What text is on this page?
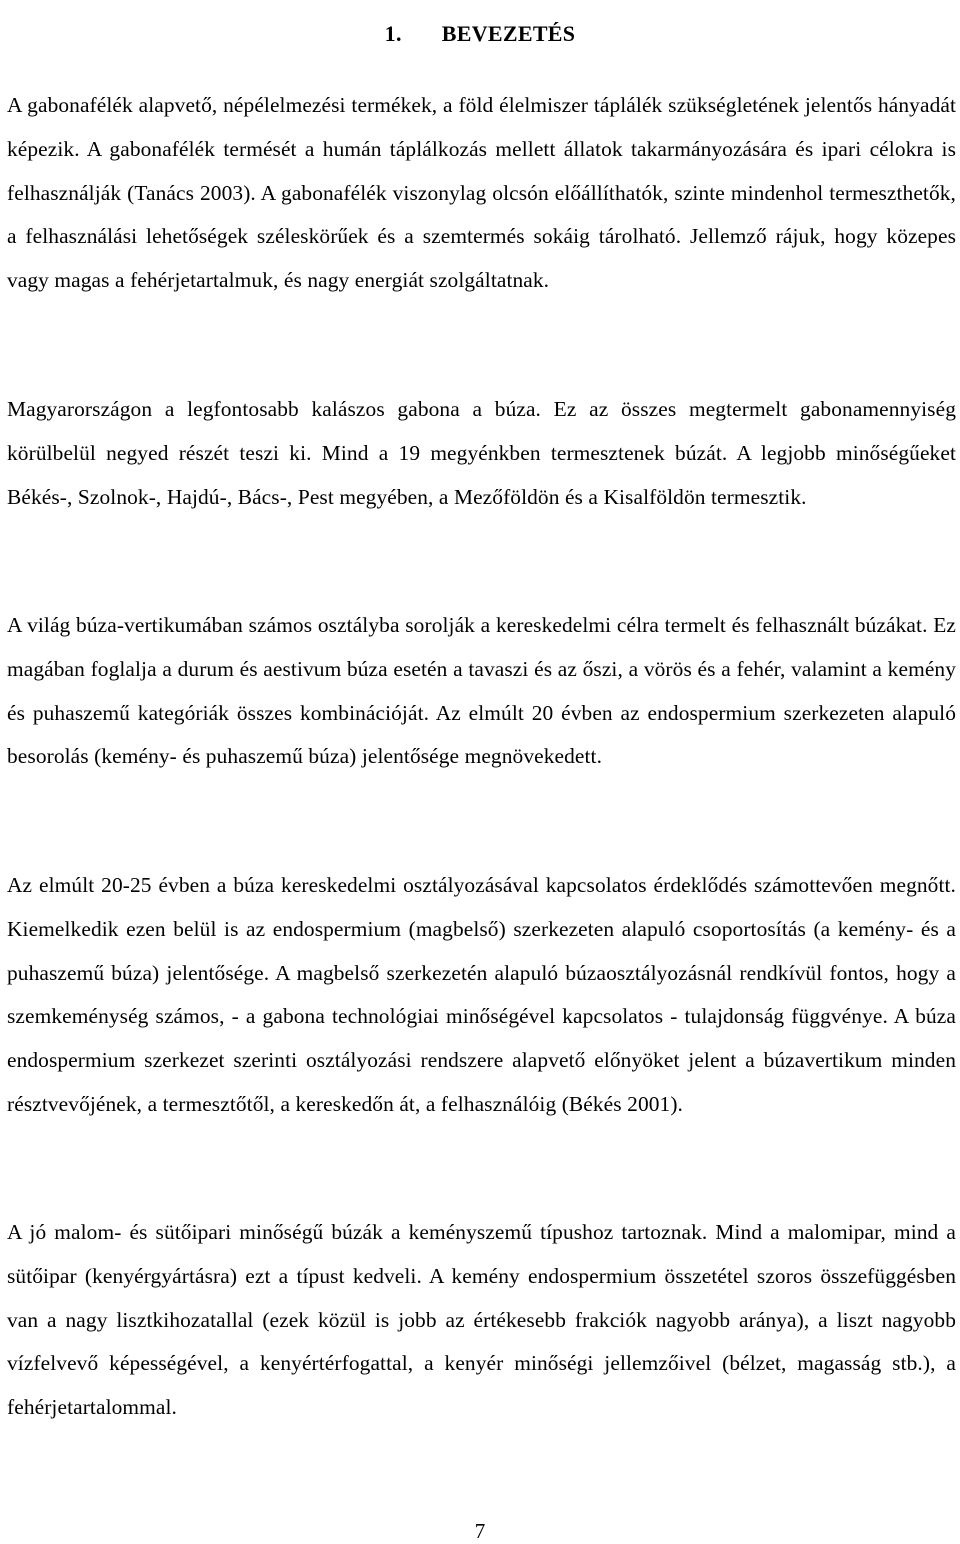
1. BEVEZETÉS

A gabonafélék alapvető, népélelmezési termékek, a föld élelmiszer táplálék szükségletének jelentős hányadát képezik. A gabonafélék termését a humán táplálkozás mellett állatok takarmányozására és ipari célokra is felhasználják (Tanács 2003). A gabonafélék viszonylag olcsón előállíthatók, szinte mindenhol termeszthetők, a felhasználási lehetőségek széleskörűek és a szemtermés sokáig tárolható. Jellemző rájuk, hogy közepes vagy magas a fehérjetartalmuk, és nagy energiát szolgáltatnak.

Magyarországon a legfontosabb kalászos gabona a búza. Ez az összes megtermelt gabonamennyiség körülbelül negyed részét teszi ki. Mind a 19 megyénkben termesztenek búzát. A legjobb minőségűeket Békés-, Szolnok-, Hajdú-, Bács-, Pest megyében, a Mezőföldön és a Kisalföldön termesztik.

A világ búza-vertikumában számos osztályba sorolják a kereskedelmi célra termelt és felhasznált búzákat. Ez magában foglalja a durum és aestivum búza esetén a tavaszi és az őszi, a vörös és a fehér, valamint a kemény és puhaszemű kategóriák összes kombinációját. Az elmúlt 20 évben az endospermium szerkezeten alapuló besorolás (kemény- és puhaszemű búza) jelentősége megnövekedett.

Az elmúlt 20-25 évben a búza kereskedelmi osztályozásával kapcsolatos érdeklődés számottevően megnőtt. Kiemelkedik ezen belül is az endospermium (magbelső) szerkezeten alapuló csoportosítás (a kemény- és a puhaszemű búza) jelentősége. A magbelső szerkezetén alapuló búzaosztályozásnál rendkívül fontos, hogy a szemkeménység számos, - a gabona technológiai minőségével kapcsolatos - tulajdonság függvénye. A búza endospermium szerkezet szerinti osztályozási rendszere alapvető előnyöket jelent a búzavertikum minden résztvevőjének, a termesztőtől, a kereskedőn át, a felhasználóig (Békés 2001).

A jó malom- és sütőipari minőségű búzák a keményszemű típushoz tartoznak. Mind a malomipar, mind a sütőipar (kenyérgyártásra) ezt a típust kedveli. A kemény endospermium összetétel szoros összefüggésben van a nagy lisztkihozatallal (ezek közül is jobb az értékesebb frakciók nagyobb aránya), a liszt nagyobb vízfelvevő képességével, a kenyértérfogattal, a kenyér minőségi jellemzőivel (bélzet, magasság stb.), a fehérjetartalommal.

7
